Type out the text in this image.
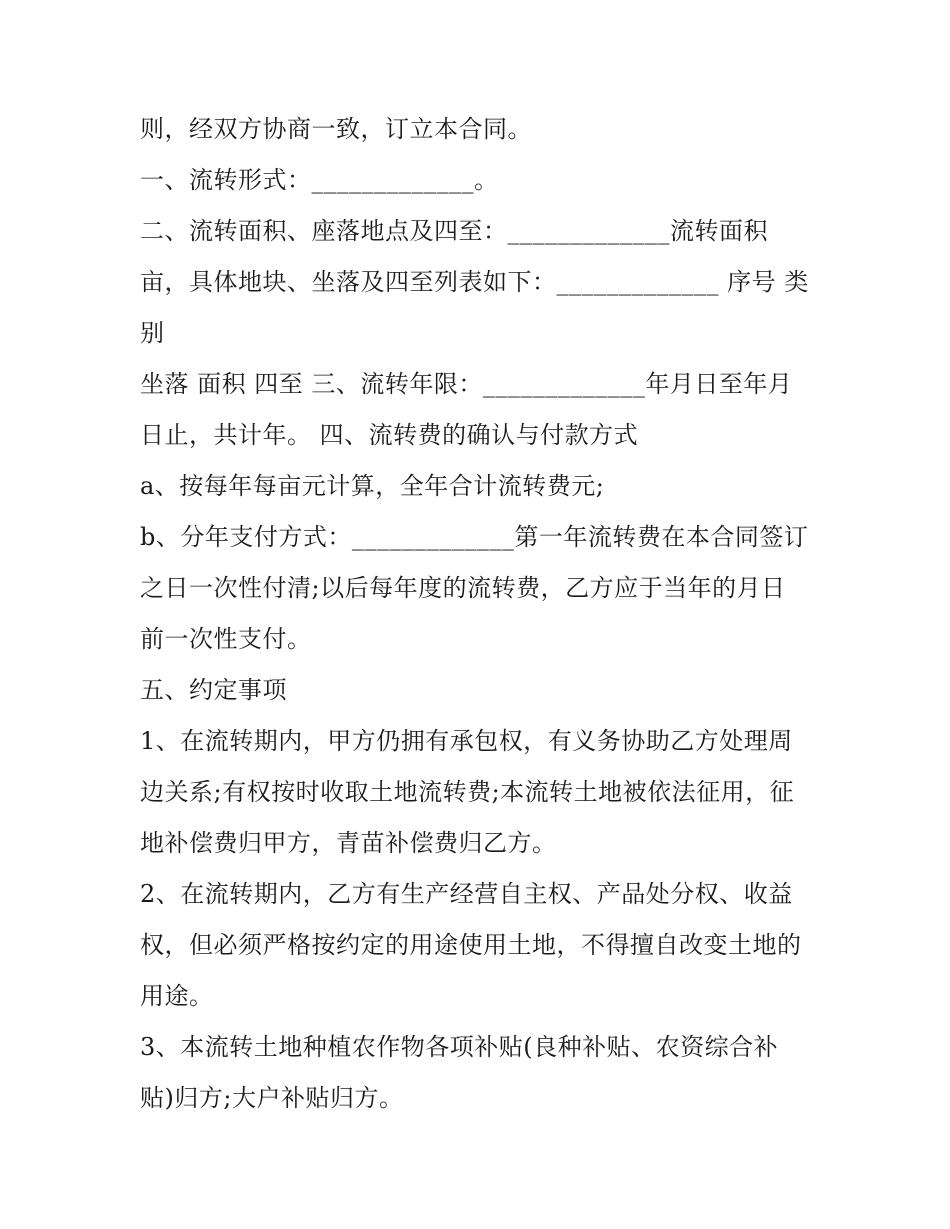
则，经双方协商一致，订立本合同。
一、流转形式：_____________。
二、流转面积、座落地点及四至：_____________流转面积
亩，具体地块、坐落及四至列表如下：_____________ 序号 类
别
坐落 面积 四至 三、流转年限：_____________年月日至年月
日止，共计年。 四、流转费的确认与付款方式
a、按每年每亩元计算，全年合计流转费元;
b、分年支付方式：_____________第一年流转费在本合同签订
之日一次性付清;以后每年度的流转费，乙方应于当年的月日
前一次性支付。
五、约定事项
1、在流转期内，甲方仍拥有承包权，有义务协助乙方处理周
边关系;有权按时收取土地流转费;本流转土地被依法征用，征
地补偿费归甲方，青苗补偿费归乙方。
2、在流转期内，乙方有生产经营自主权、产品处分权、收益
权，但必须严格按约定的用途使用土地，不得擅自改变土地的
用途。
3、本流转土地种植农作物各项补贴(良种补贴、农资综合补
贴)归方;大户补贴归方。
